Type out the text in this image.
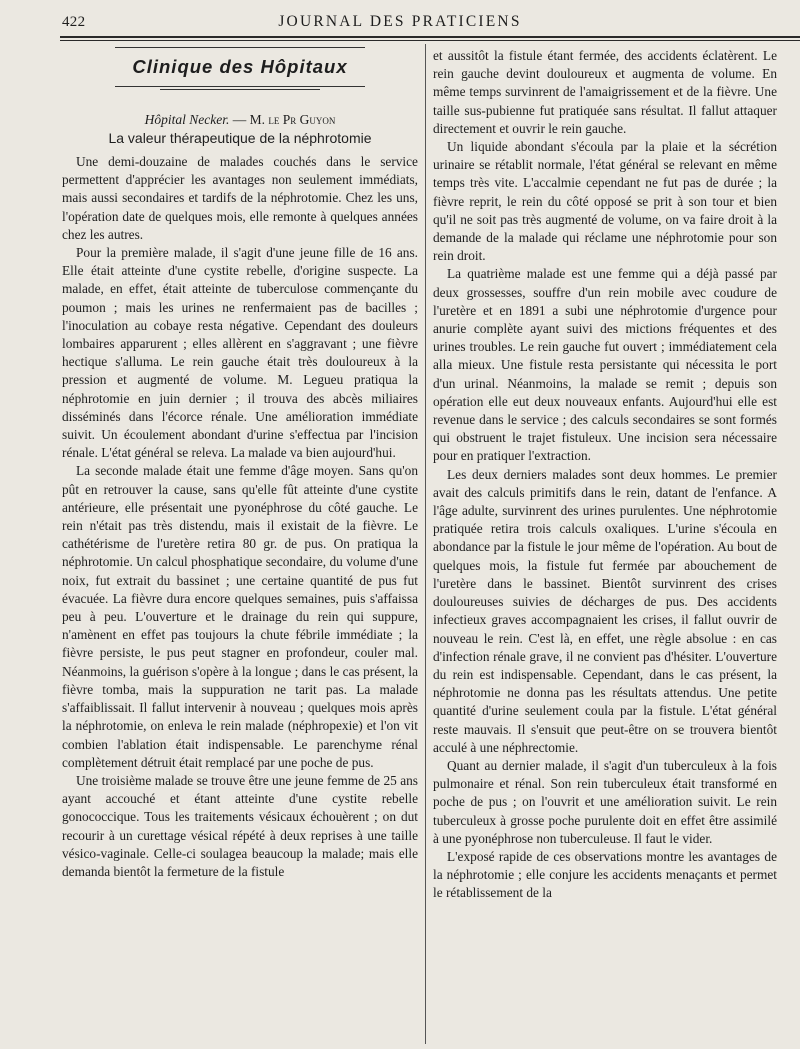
422	JOURNAL DES PRATICIENS
Clinique des Hôpitaux
Hôpital Necker. — M. le Pr Guyon
La valeur thérapeutique de la néphrotomie

Une demi-douzaine de malades couchés dans le service permettent d'apprécier les avantages non seulement immédiats, mais aussi secondaires et tardifs de la néphrotomie. Chez les uns, l'opération date de quelques mois, elle remonte à quelques années chez les autres.

Pour la première malade, il s'agit d'une jeune fille de 16 ans. Elle était atteinte d'une cystite rebelle, d'origine suspecte. La malade, en effet, était atteinte de tuberculose commençante du poumon ; mais les urines ne renfermaient pas de bacilles ; l'inoculation au cobaye resta négative. Cependant des douleurs lombaires apparurent ; elles allèrent en s'aggravant ; une fièvre hectique s'alluma. Le rein gauche était très douloureux à la pression et augmenté de volume. M. Legueu pratiqua la néphrotomie en juin dernier ; il trouva des abcès miliaires disséminés dans l'écorce rénale. Une amélioration immédiate suivit. Un écoulement abondant d'urine s'effectua par l'incision rénale. L'état général se releva. La malade va bien aujourd'hui.

La seconde malade était une femme d'âge moyen. Sans qu'on pût en retrouver la cause, sans qu'elle fût atteinte d'une cystite antérieure, elle présentait une pyonéphrose du côté gauche. Le rein n'était pas très distendu, mais il existait de la fièvre. Le cathétérisme de l'uretère retira 80 gr. de pus. On pratiqua la néphrotomie. Un calcul phosphatique secondaire, du volume d'une noix, fut extrait du bassinet ; une certaine quantité de pus fut évacuée. La fièvre dura encore quelques semaines, puis s'affaissa peu à peu. L'ouverture et le drainage du rein qui suppure, n'amènent en effet pas toujours la chute fébrile immédiate ; la fièvre persiste, le pus peut stagner en profondeur, couler mal. Néanmoins, la guérison s'opère à la longue ; dans le cas présent, la fièvre tomba, mais la suppuration ne tarit pas. La malade s'affaiblissait. Il fallut intervenir à nouveau ; quelques mois après la néphrotomie, on enleva le rein malade (néphropexie) et l'on vit combien l'ablation était indispensable. Le parenchyme rénal complètement détruit était remplacé par une poche de pus.

Une troisième malade se trouve être une jeune femme de 25 ans ayant accouché et étant atteinte d'une cystite rebelle gonococcique. Tous les traitements vésicaux échouèrent ; on dut recourir à un curettage vésical répété à deux reprises à une taille vésico-vaginale. Celle-ci soulagea beaucoup la malade; mais elle demanda bientôt la fermeture de la fistule

et aussitôt la fistule étant fermée, des accidents éclatèrent. Le rein gauche devint douloureux et augmenta de volume. En même temps survinrent de l'amaigrissement et de la fièvre. Une taille sus-pubienne fut pratiquée sans résultat. Il fallut attaquer directement et ouvrir le rein gauche.

Un liquide abondant s'écoula par la plaie et la sécrétion urinaire se rétablit normale, l'état général se relevant en même temps très vite. L'accalmie cependant ne fut pas de durée ; la fièvre reprit, le rein du côté opposé se prit à son tour et bien qu'il ne soit pas très augmenté de volume, on va faire droit à la demande de la malade qui réclame une néphrotomie pour son rein droit.

La quatrième malade est une femme qui a déjà passé par deux grossesses, souffre d'un rein mobile avec coudure de l'uretère et en 1891 a subi une néphrotomie d'urgence pour anurie complète ayant suivi des mictions fréquentes et des urines troubles. Le rein gauche fut ouvert ; immédiatement cela alla mieux. Une fistule resta persistante qui nécessita le port d'un urinal. Néanmoins, la malade se remit ; depuis son opération elle eut deux nouveaux enfants. Aujourd'hui elle est revenue dans le service ; des calculs secondaires se sont formés qui obstruent le trajet fistuleux. Une incision sera nécessaire pour en pratiquer l'extraction.

Les deux derniers malades sont deux hommes. Le premier avait des calculs primitifs dans le rein, datant de l'enfance. A l'âge adulte, survinrent des urines purulentes. Une néphrotomie pratiquée retira trois calculs oxaliques. L'urine s'écoula en abondance par la fistule le jour même de l'opération. Au bout de quelques mois, la fistule fut fermée par abouchement de l'uretère dans le bassinet. Bientôt survinrent des crises douloureuses suivies de décharges de pus. Des accidents infectieux graves accompagnaient les crises, il fallut ouvrir de nouveau le rein. C'est là, en effet, une règle absolue : en cas d'infection rénale grave, il ne convient pas d'hésiter. L'ouverture du rein est indispensable. Cependant, dans le cas présent, la néphrotomie ne donna pas les résultats attendus. Une petite quantité d'urine seulement coula par la fistule. L'état général reste mauvais. Il s'ensuit que peut-être on se trouvera bientôt acculé à une néphrectomie.

Quant au dernier malade, il s'agit d'un tuberculeux à la fois pulmonaire et rénal. Son rein tuberculeux était transformé en poche de pus ; on l'ouvrit et une amélioration suivit. Le rein tuberculeux à grosse poche purulente doit en effet être assimilé à une pyonéphrose non tuberculeuse. Il faut le vider.

L'exposé rapide de ces observations montre les avantages de la néphrotomie ; elle conjure les accidents menaçants et permet le rétablissement de la
